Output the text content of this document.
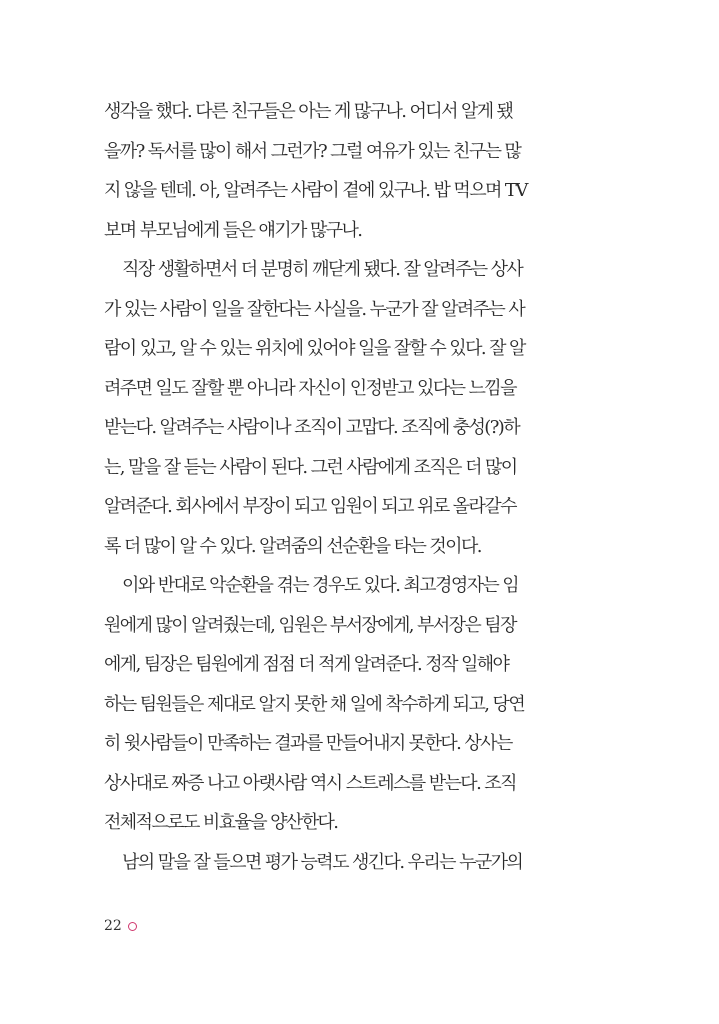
생각을 했다. 다른 친구들은 아는 게 많구나. 어디서 알게 됐
을까? 독서를 많이 해서 그런가? 그럴 여유가 있는 친구는 많
지 않을 텐데. 아, 알려주는 사람이 곁에 있구나. 밥 먹으며 TV
보며 부모님에게 들은 얘기가 많구나.
직장 생활하면서 더 분명히 깨닫게 됐다. 잘 알려주는 상사
가 있는 사람이 일을 잘한다는 사실을. 누군가 잘 알려주는 사
람이 있고, 알 수 있는 위치에 있어야 일을 잘할 수 있다. 잘 알
려주면 일도 잘할 뿐 아니라 자신이 인정받고 있다는 느낌을
받는다. 알려주는 사람이나 조직이 고맙다. 조직에 충성(?)하
는, 말을 잘 듣는 사람이 된다. 그런 사람에게 조직은 더 많이
알려준다. 회사에서 부장이 되고 임원이 되고 위로 올라갈수
록 더 많이 알 수 있다. 알려줌의 선순환을 타는 것이다.
이와 반대로 악순환을 겪는 경우도 있다. 최고경영자는 임
원에게 많이 알려줬는데, 임원은 부서장에게, 부서장은 팀장
에게, 팀장은 팀원에게 점점 더 적게 알려준다. 정작 일해야
하는 팀원들은 제대로 알지 못한 채 일에 착수하게 되고, 당연
히 윗사람들이 만족하는 결과를 만들어내지 못한다. 상사는
상사대로 짜증 나고 아랫사람 역시 스트레스를 받는다. 조직
전체적으로도 비효율을 양산한다.
남의 말을 잘 들으면 평가 능력도 생긴다. 우리는 누군가의
22
